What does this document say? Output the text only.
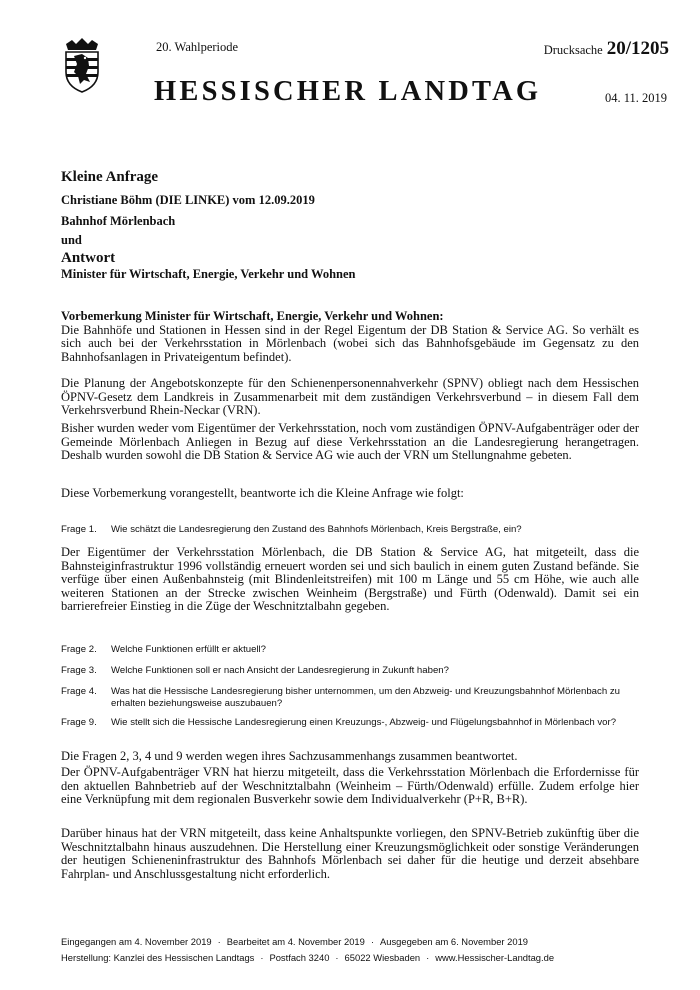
20. Wahlperiode	Drucksache 20/1205
HESSISCHER LANDTAG	04. 11. 2019
Kleine Anfrage
Christiane Böhm (DIE LINKE) vom 12.09.2019
Bahnhof Mörlenbach
und
Antwort
Minister für Wirtschaft, Energie, Verkehr und Wohnen

Vorbemerkung Minister für Wirtschaft, Energie, Verkehr und Wohnen:

Die Bahnhöfe und Stationen in Hessen sind in der Regel Eigentum der DB Station & Service AG. So verhält es sich auch bei der Verkehrsstation in Mörlenbach (wobei sich das Bahnhofsgebäude im Gegensatz zu den Bahnhofsanlagen in Privateigentum befindet).

Die Planung der Angebotskonzepte für den Schienenpersonennahverkehr (SPNV) obliegt nach dem Hessischen ÖPNV-Gesetz dem Landkreis in Zusammenarbeit mit dem zuständigen Verkehrsverbund – in diesem Fall dem Verkehrsverbund Rhein-Neckar (VRN).
Bisher wurden weder vom Eigentümer der Verkehrsstation, noch vom zuständigen ÖPNV-Aufgabenträger oder der Gemeinde Mörlenbach Anliegen in Bezug auf diese Verkehrsstation an die Landesregierung herangetragen. Deshalb wurden sowohl die DB Station & Service AG wie auch der VRN um Stellungnahme gebeten.
Diese Vorbemerkung vorangestellt, beantworte ich die Kleine Anfrage wie folgt:
Frage 1. Wie schätzt die Landesregierung den Zustand des Bahnhofs Mörlenbach, Kreis Bergstraße, ein?
Der Eigentümer der Verkehrsstation Mörlenbach, die DB Station & Service AG, hat mitgeteilt, dass die Bahnsteiginfrastruktur 1996 vollständig erneuert worden sei und sich baulich in einem guten Zustand befände. Sie verfüge über einen Außenbahnsteig (mit Blindenleitstreifen) mit 100 m Länge und 55 cm Höhe, wie auch alle weiteren Stationen an der Strecke zwischen Weinheim (Bergstraße) und Fürth (Odenwald). Damit sei ein barrierefreier Einstieg in die Züge der Weschnitztalbahn gegeben.
Frage 2. Welche Funktionen erfüllt er aktuell?
Frage 3. Welche Funktionen soll er nach Ansicht der Landesregierung in Zukunft haben?
Frage 4. Was hat die Hessische Landesregierung bisher unternommen, um den Abzweig- und Kreuzungsbahnhof Mörlenbach zu erhalten beziehungsweise auszubauen?
Frage 9. Wie stellt sich die Hessische Landesregierung einen Kreuzungs-, Abzweig- und Flügelungsbahnhof in Mörlenbach vor?
Die Fragen 2, 3, 4 und 9 werden wegen ihres Sachzusammenhangs zusammen beantwortet.
Der ÖPNV-Aufgabenträger VRN hat hierzu mitgeteilt, dass die Verkehrsstation Mörlenbach die Erfordernisse für den aktuellen Bahnbetrieb auf der Weschnitztalbahn (Weinheim – Fürth/Odenwald) erfülle. Zudem erfolge hier eine Verknüpfung mit dem regionalen Busverkehr sowie dem Individualverkehr (P+R, B+R).
Darüber hinaus hat der VRN mitgeteilt, dass keine Anhaltspunkte vorliegen, den SPNV-Betrieb zukünftig über die Weschnitztalbahn hinaus auszudehnen. Die Herstellung einer Kreuzungsmöglichkeit oder sonstige Veränderungen der heutigen Schieneninfrastruktur des Bahnhofs Mörlenbach sei daher für die heutige und derzeit absehbare Fahrplan- und Anschlussgestaltung nicht erforderlich.
Eingegangen am 4. November 2019 · Bearbeitet am 4. November 2019 · Ausgegeben am 6. November 2019
Herstellung: Kanzlei des Hessischen Landtags · Postfach 3240 · 65022 Wiesbaden · www.Hessischer-Landtag.de
